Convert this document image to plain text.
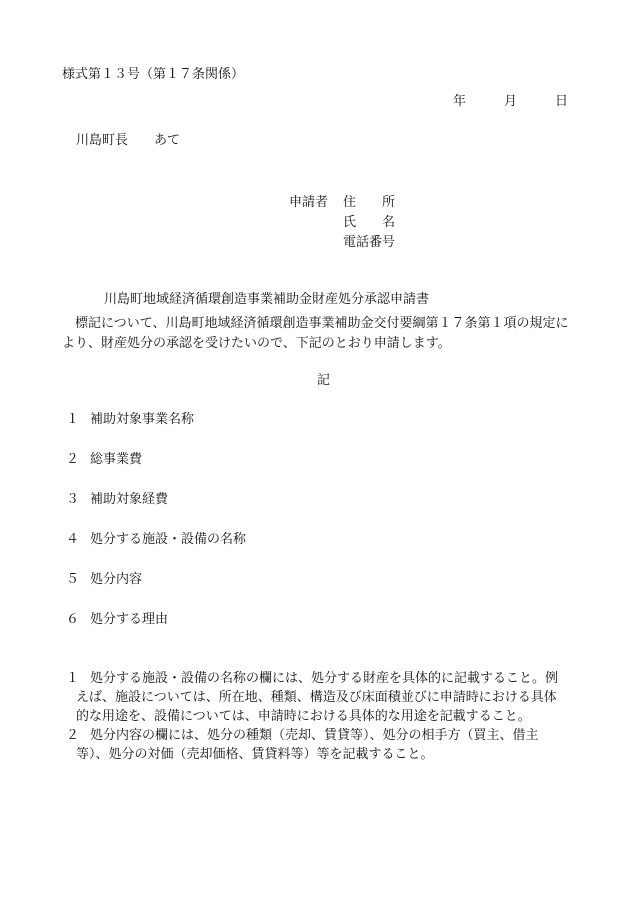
様式第１３号（第１７条関係）
年	月	日
川島町長 あて
申請者 住　　所
氏　　名
電話番号
川島町地域経済循環創造事業補助金財産処分承認申請書
　標記について、川島町地域経済循環創造事業補助金交付要綱第１７条第１項の規定に
より、財産処分の承認を受けたいので、下記のとおり申請します。
記
１ 補助対象事業名称
２ 総事業費
３ 補助対象経費
４ 処分する施設・設備の名称
５ 処分内容
６ 処分する理由
１ 処分する施設・設備の名称の欄には、処分する財産を具体的に記載すること。例
えば、施設については、所在地、種類、構造及び床面積並びに申請時における具体
的な用途を、設備については、申請時における具体的な用途を記載すること。
２ 処分内容の欄には、処分の種類（売却、賃貸等）、処分の相手方（買主、借主
等）、処分の対価（売却価格、賃貸料等）等を記載すること。
